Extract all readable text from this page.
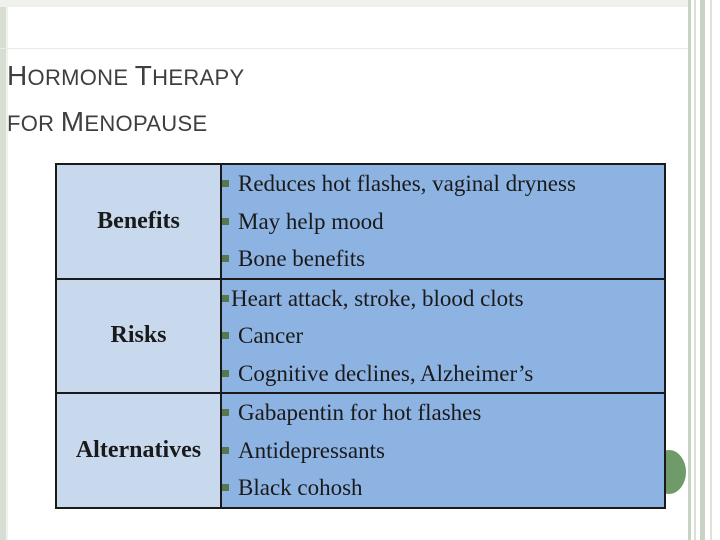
HORMONE THERAPY
FOR MENOPAUSE
Benefits	Reduces hot flashes, vaginal dryness
May help mood
Bone benefits

Risks	Heart attack, stroke, blood clots
Cancer
Cognitive declines, Alzheimer’s

Alternatives	Gabapentin for hot flashes
Antidepressants
Black cohosh
